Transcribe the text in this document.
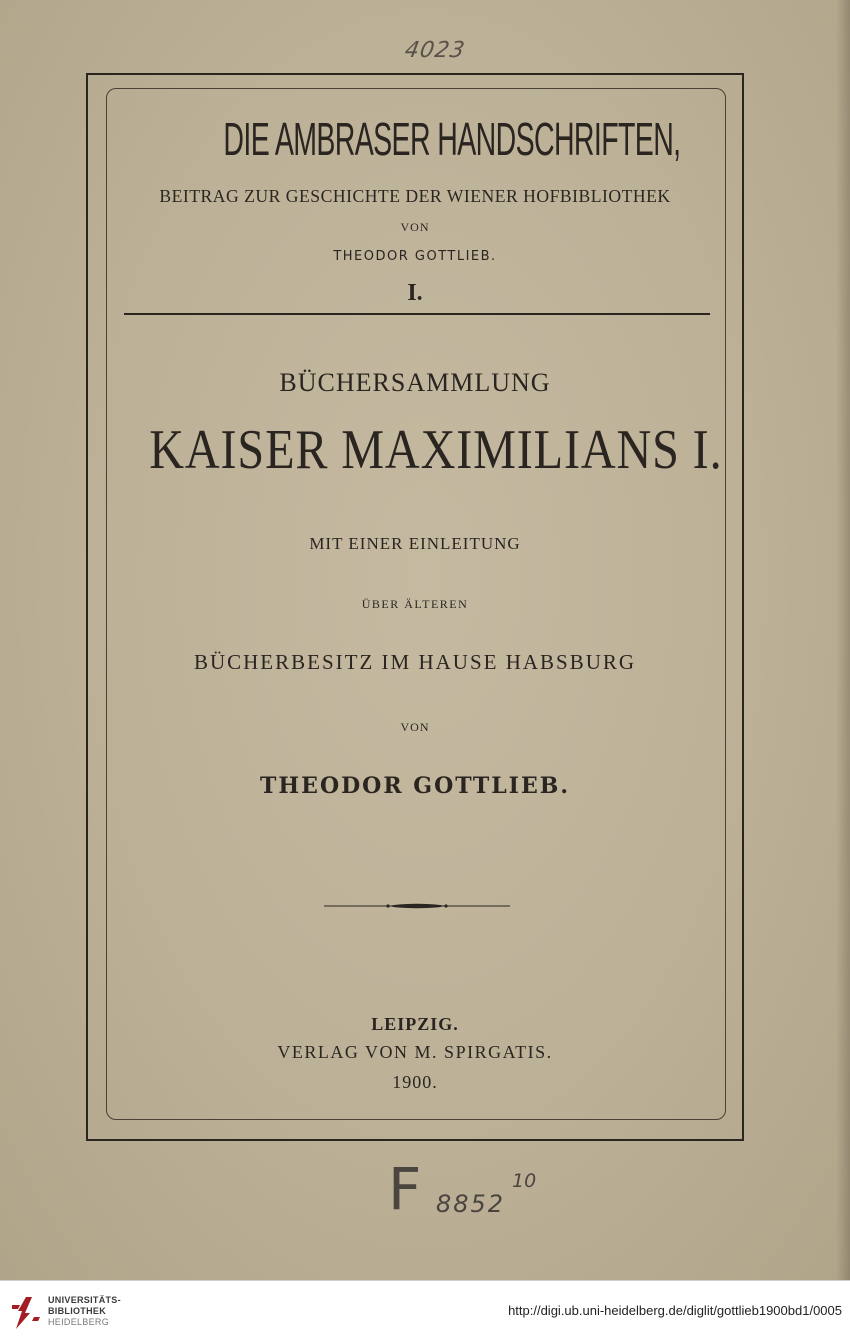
4023
DIE AMBRASER HANDSCHRIFTEN,
BEITRAG ZUR GESCHICHTE DER WIENER HOFBIBLIOTHEK
VON
THEODOR GOTTLIEB.
I.
BÜCHERSAMMLUNG
KAISER MAXIMILIANS I.
MIT EINER EINLEITUNG
ÜBER ÄLTEREN
BÜCHERBESITZ IM HAUSE HABSBURG
VON
THEODOR GOTTLIEB.
LEIPZIG.
VERLAG VON M. SPIRGATIS.
1900.
F 8852
10
UNIVERSITÄTS-
BIBLIOTHEK
HEIDELBERG
http://digi.ub.uni-heidelberg.de/diglit/gottlieb1900bd1/0005
